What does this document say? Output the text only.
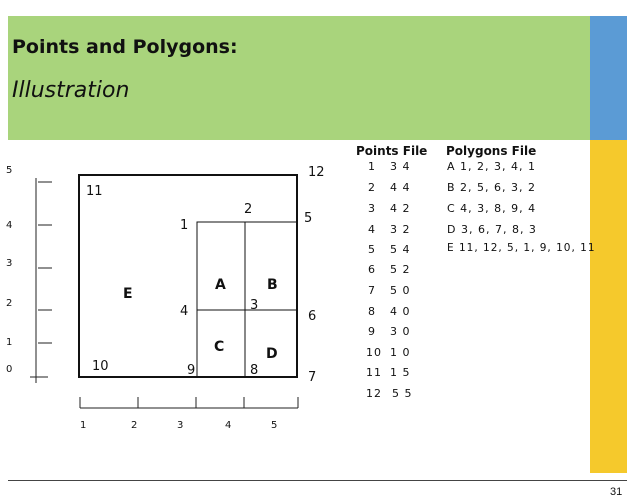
Points and Polygons:
Illustration
5
4
3
2
1
0
1	2	3	4	5
12
11
2
5
1
3
4	6
10	9	8	7
E
A	B
C	D
Points File
1 3 4
2 4 4
3 4 2
4 3 2
5 5 4
6 5 2
7 5 0
8 4 0
9 3 0
10 1 0
11 1 5
12 5 5
Polygons File
A 1, 2, 3, 4, 1
B 2, 5, 6, 3, 2
C 4, 3, 8, 9, 4
D 3, 6, 7, 8, 3
E 11, 12, 5, 1, 9, 10, 11
31
